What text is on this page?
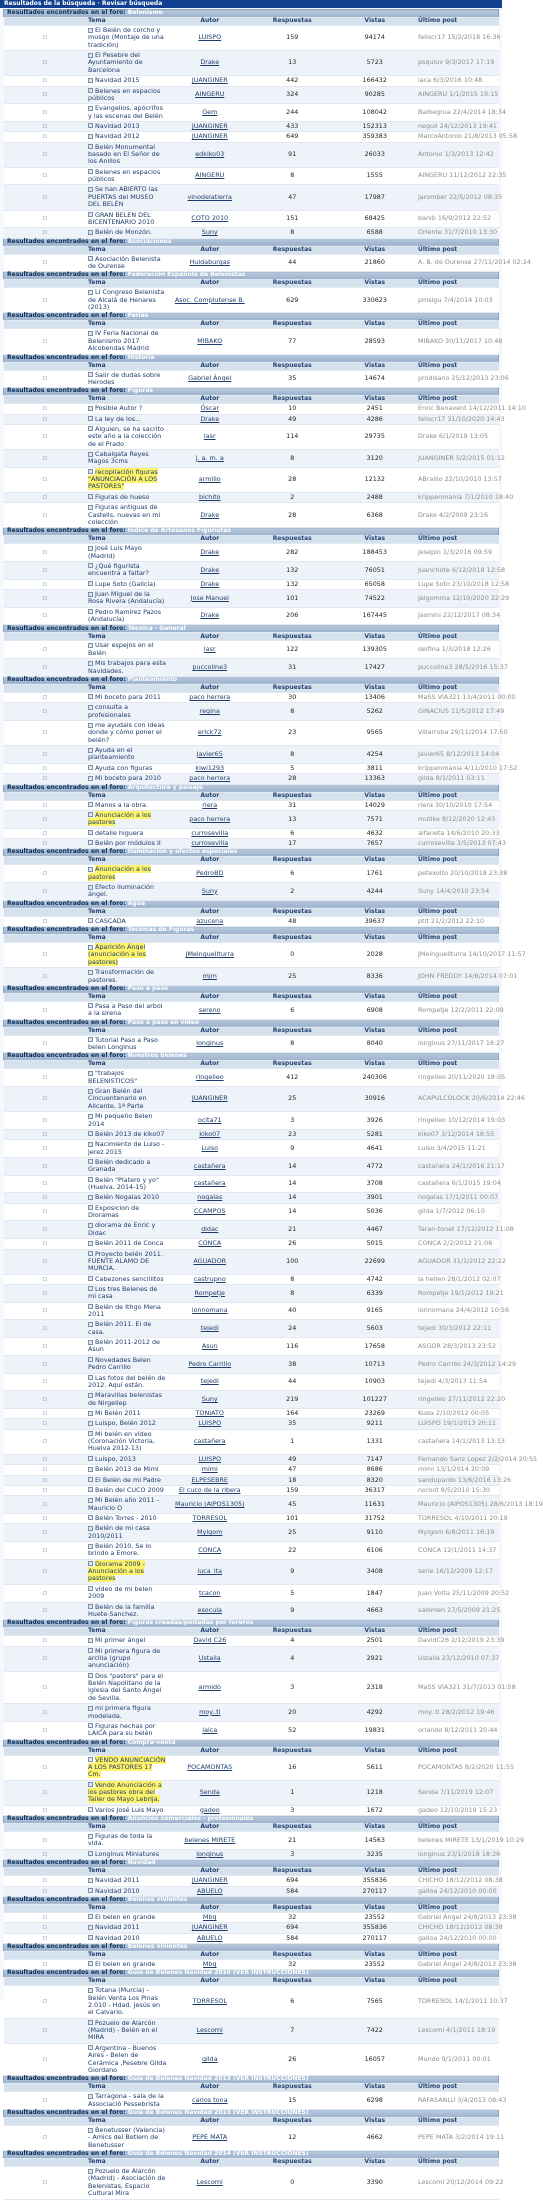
Resultados de la búsqueda · Revisar búsqueda
Resultados encontrados en el foro: Belenismo					
	Tema	Autor	Respuestas	Vistas	Último post
▫	El Belén de corcho y musgo (Montaje de una tradición)	LUISPO	159	94174	feliscr17 15/2/2018 16:36
▫	El Pesebre del Ayuntamiento de Barcelona	Drake	13	5723	psquiuv 9/3/2017 17:19
▫	Navidad 2015	JUANGINER	442	166432	laca 6/3/2016 10:48
▫	Belenes en espacios públicos	AINGERU	324	90285	AINGERU 1/1/2015 19:15
▫	Evangelios, apócrifos y las escenas del Belén	Gem	244	108042	Balbegrua 22/4/2014 18:34
▫	Navidad 2013	JUANGINER	433	152313	neguil 24/12/2013 19:41
▫	Navidad 2012	JUANGINER	649	359383	MarcoAntonio 21/8/2013 05:58
▫	Belén Monumental basado en El Señor de los Anillos	edkiko03	91	26033	Antonio 1/3/2013 12:42
▫	Belenes en espacios públicos	AINGERU	8	1555	AINGERU 11/12/2012 22:35
▫	Se han ABIERTO las PUERTAS del MUSEO DEL BELÉN	vinodelatierra	47	17987	jaromber 22/5/2012 08:35
▫	GRAN BELEN DEL BICENTENARIO 2010	COTO 2010	151	68425	banib 16/9/2012 22:52
▫	Belén de Monzón.	Suny	8	6588	Oriente 31/7/2010 13:30
Resultados encontrados en el foro: Asociaciones					
	Tema	Autor	Respuestas	Vistas	Último post
▫	Asociación Belenista de Ourense	Huidaburgas	44	21860	A. B. de Ourense 27/11/2014 02:24
Resultados encontrados en el foro: Federación Española de Belenistas					
	Tema	Autor	Respuestas	Vistas	Último post
▫	LI Congreso Belenista de Alcalá de Henares (2013)	Asoc. Complutense B.	629	330623	pmsigu 7/4/2014 10:03
Resultados encontrados en el foro: Ferias					
	Tema	Autor	Respuestas	Vistas	Último post
▫	IV Feria Nacional de Belenismo 2017 Alcobendas Madrid	MIBAKO	77	28593	MIBAKO 30/11/2017 10:48
Resultados encontrados en el foro: Historia					
	Tema	Autor	Respuestas	Vistas	Último post
▫	Salir de dudas sobre Herodes	Gabriel Ángel	35	14674	prodisano 25/12/2013 23:06
Resultados encontrados en el foro: Figuras					
	Tema	Autor	Respuestas	Vistas	Último post
▫	Posible Autor ?	Óscar	10	2451	Enric Benavent 14/12/2011 14:10
▫	La ley de los...	Drake	49	4286	feliscr17 31/10/2020 14:43
▫	Alguien, se ha sacrito este año a la colección de el Prado	lasr	114	29735	Drake 6/1/2019 13:05
▫	Cabalgata Reyes Magos 3cms	j. a. m. a	8	3120	JUANGINER 5/2/2015 01:12
▫	recopilación figuras "ANUNCIACIÓN A LOS PASTORES"	armillo	28	12132	ABraillo 22/10/2010 13:57
▫	Figuras de hueso	bichito	2	2488	krippenmania 7/1/2010 18:40
▫	Figuras antiguas de Castells, nuevas en mi colección	Drake	28	6368	Drake 4/2/2009 23:16
Resultados encontrados en el foro: Índice de Artesanos Figuristas					
	Tema	Autor	Respuestas	Vistas	Último post
▫	José Luis Mayo (Madrid)	Drake	282	188453	jesepin 1/3/2016 09:59
▫	¿Qué figurista encuentra a faltar?	Drake	132	76051	Juanchote 6/12/2018 12:58
▫	Lupe Soto (Galicia)	Drake	132	65058	Lupe Soto 23/10/2018 12:58
▫	Juan Miguel de la Rosa Rivera (Andalucía)	Jose Manuel	101	74522	Jelgomma 12/10/2020 22:29
▫	Pedro Ramírez Pazos (Andalucía)	Drake	206	167445	jasmini 22/12/2017 08:34
Resultados encontrados en el foro: Técnica - General					
	Tema	Autor	Respuestas	Vistas	Último post
▫	Usar espejos en el Belén	lasr	122	139305	delfina 1/3/2018 12:26
▫	Mis trabajos para esta Navidades.	puccoline3	31	17427	puccoline3 28/5/2016 15:37
Resultados encontrados en el foro: Planteamiento					
	Tema	Autor	Respuestas	Vistas	Último post
▫	Mi boceto para 2011	paco herrera	30	13406	MaSS VIA321 13/4/2011 00:00
▫	consulta a profesionales	regina	8	5262	GINACIUS 11/5/2012 17:49
▫	me ayudais con ideas donde y cómo poner el belén?	erick72	23	9565	Villarroba 29/11/2014 17:50
▫	Ayuda en el planteamiento	Javier65	8	4254	Javier65 8/12/2013 14:04
▫	Ayuda con figuras	kiwi1293	5	3811	krippenmania 4/11/2010 17:52
▫	Mi boceto para 2010	paco herrera	28	13363	gilda 8/1/2011 03:11
Resultados encontrados en el foro: Arquitectura y paisaje					
	Tema	Autor	Respuestas	Vistas	Último post
▫	Manos a la obra.	riera	31	14029	riera 30/10/2010 17:54
▫	Anunciación a los pastores	paco herrera	13	7571	mutike 8/12/2020 12:43
▫	detalle higuera	currosevilla	6	4632	alfaneta 14/6/2010 20:33
▫	Belén por módulos II	currosevilla	17	7657	currosevilla 3/5/2013 07:43
Resultados encontrados en el foro: Iluminación y efectos especiales					
	Tema	Autor	Respuestas	Vistas	Último post
▫	Anunciación a los pastores	PedroBD	6	1761	petexoito 20/10/2018 23:38
▫	Efecto iluminación ángel.	Suny	2	4244	Suny 14/4/2010 23:54
Resultados encontrados en el foro: Agua					
	Tema	Autor	Respuestas	Vistas	Último post
▫	CASCADA	azucena	48	39637	ptit 21/2/2012 22:10
Resultados encontrados en el foro: Técnicas de Figuras					
	Tema	Autor	Respuestas	Vistas	Último post
▫	Aparición Ángel (anunciación a los pastores)	JMeinguellturra	0	2028	JMeinguellturra 14/10/2017 11:57
▫	Transformación de pastores.	mjm	25	8336	JOHN FREDDY 14/8/2014 07:01
Resultados encontrados en el foro: Paso a paso					
	Tema	Autor	Respuestas	Vistas	Último post
▫	Pasa a Paso del arbol a la sirena	sereno	6	6908	Rompetje 12/2/2011 22:09
Resultados encontrados en el foro: Paso a paso en video					
	Tema	Autor	Respuestas	Vistas	Último post
▫	Tutorial Paso a Paso belen Longinus	longinus	8	8040	longinus 27/11/2017 16:27
Resultados encontrados en el foro: Nuestros belenes					
	Tema	Autor	Respuestas	Vistas	Último post
▫	"trabajos BELENISTICOS"	ringelleo	412	240306	ringelleo 20/11/2020 18:05
▫	Gran Belén del Cincuentenario en Alicante, 1ª Parte	JUANGINER	25	30916	ACAPULCOLOCK 20/6/2014 22:46
▫	Mi pequeño Belen 2014	ocita71	3	3926	ringelleo 10/12/2014 19:03
▫	Belén 2013 de kiko07	kiko07	23	5281	kiko07 3/12/2014 18:55
▫	Nacimiento de Luiso - Jerez 2015	Luiso	9	4641	Luiso 3/4/2015 11:21
▫	Belén dedicado a Granada	castañera	14	4772	castañera 24/1/2016 21:17
▫	Belén "Platero y yo" (Huelva, 2014-15)	castañera	14	3708	castañera 6/1/2015 19:04
▫	Belén Nogalas 2010	nogalas	14	3901	nogalas 17/1/2011 00:07
▫	Exposicion de Dioramas	CCAMPOS	14	5036	gilda 1/7/2012 06:10
▫	diorama de Enric y Didac	didac	21	4467	Taran-tonet 17/12/2012 11:08
▫	Belén 2011 de Conca	CONCA	26	5015	CONCA 2/2/2012 21:06
▫	Proyecto belén 2011. FUENTE ALAMO DE MURCIA.	AGUADOR	100	22699	AGUADOR 31/1/2012 22:22
▫	Cabezones sencillitos	castrupno	8	4742	la hellen 28/1/2012 02:07
▫	Los tres Belenes de mi casa	Rompetje	8	6339	Rompetje 19/1/2012 19:21
▫	Belén de Ithgo Mena 2011	ionnomana	40	9165	ionnomana 24/4/2012 10:56
▫	Belén 2011. El de casa.	tejedi	24	5603	tejedi 30/3/2012 22:11
▫	Belén 2011-2012 de Asun	Asun	116	17658	ASGOR 28/3/2013 23:52
▫	Novedades Belen Pedro Carrillo	Pedro Carrillo	38	10713	Pedro Carrillo 24/3/2012 14:29
▫	Las fotos del belén de 2012. Aquí están.	tejedi	44	10903	tejedi 4/3/2013 11:54
▫	Maravillas belenistas de Nirgellep	Suny	219	101227	ringelleo 27/11/2012 22:20
▫	Mi Belén 2011	TONIATO	164	23269	Kuda 2/10/2012 00:05
▫	Luispo, Belén 2012	LUISPO	35	9211	LUISPO 19/1/2013 20:11
▫	Mi belén en vídeo (Coronación Victoria, Huelva 2012-13)	castañera	1	1331	castañera 14/1/2013 13:13
▫	Luispo, 2013	LUISPO	49	7147	Fernando Sanz Lopez 2/2/2014 20:55
▫	Belén 2013 de Mimi	mimi	47	8686	mimi 13/1/2014 20:09
▫	El Belén de mi Padre	ELPESEBRE	18	8320	sandupardo 13/6/2016 13:26
▫	Belén del CUCO 2009	El cuco de la ribera	159	36317	noroot 8/5/2010 15:30
▫	Mi Belén año 2011 - Mauricio O	Mauricio (AIPOS1305)	45	11631	Mauricio (AIPOS1305) 28/6/2013 18:19
▫	Belén Torres - 2010	TORRESOL	101	31752	TORRESOL 4/10/2011 20:19
▫	Belén de mi casa 2010/2011	Mylgom	25	9110	Mylgom 6/8/2011 16:19
▫	Belén 2010. Se lo brindo a Emore.	CONCA	22	6106	CONCA 12/1/2011 14:37
▫	Diorama 2009 - Anunciación a los pastores	luca_ita	9	3408	serie 16/12/2009 12:17
▫	vídeo de mi belen 2009	tcacon	5	1847	Juan Volta 25/11/2009 20:52
▫	Belén de la familia Huete-Sanchez.	esocula	9	4663	salomen 27/5/2009 21:25
Resultados encontrados en el foro: Figuras creadas/pintadas por foreros					
	Tema	Autor	Respuestas	Vistas	Último post
▫	Mi primer ángel	David C26	4	2501	DavidC26 2/12/2019 23:39
▫	Mi primera figura de arcilla (grupo anunciación)	Ustaila	4	2921	Ustaila 23/12/2010 07:37
▫	Dos "pastors" para el Belén Napolitano de la Iglesia del Santo Ángel de Sevilla.	armido	3	2318	MaSS VIA321 31/7/2013 01:58
▫	mi primera figura modelada.	moy..ti	20	4292	moy..ti 28/2/2012 19:46
▫	Figuras hechas por LAICA para su belén	laica	52	19831	orlando 8/12/2011 20:44
Resultados encontrados en el foro: Compra-venta					
	Tema	Autor	Respuestas	Vistas	Último post
▫	VENDO ANUNCIACIÓN A LOS PASTORES 17 Cm.	POCAMONTAS	16	5611	POCAMONTAS 8/2/2020 11:55
▫	Vendo Anunciación a los pastores obra del Taller de Mayo Lebrija.	Senda	1	1218	Senda 7/11/2019 12:07
▫	Varios José Luis Mayo	gadeo	3	1672	gadeo 12/10/2019 15:23
Resultados encontrados en el foro: Anuncios comerciales - profesionales					
	Tema	Autor	Respuestas	Vistas	Último post
▫	Figuras de toda la vida.	belenes MIRETE	21	14563	belenes MIRETE 13/1/2019 10:29
▫	Longinus Miniatures	longinus	3	3235	longinus 23/1/2018 18:26
Resultados encontrados en el foro: Navidad					
	Tema	Autor	Respuestas	Vistas	Último post
▫	Navidad 2011	JUANGINER	694	355836	CHICHO 18/12/2012 08:38
▫	Navidad 2010	ABUELO	584	270117	galloa 24/12/2010 00:00
Resultados encontrados en el foro: Belenes vivientes					
	Tema	Autor	Respuestas	Vistas	Último post
▫	El belen en grande	Mbg	32	23552	Gabriel Ángel 24/8/2013 23:38
▫	Navidad 2011	JUANGINER	694	355836	CHICHO 18/12/2012 08:38
▫	Navidad 2010	ABUELO	584	270117	galloa 24/12/2010 00:00
Resultados encontrados en el foro: Belenes vivientes					
	Tema	Autor	Respuestas	Vistas	Último post
▫	El belen en grande	Mbg	32	23552	Gabriel Ángel 24/8/2013 23:38
Resultados encontrados en el foro: Guía de Belenes Navidad 2010 (VER INSTRUCCIONES)					
	Tema	Autor	Respuestas	Vistas	Último post
▫	Totana (Murcia) - Belén Venta Los Pinas 2.010 - Hdad. Jesús en el Calvario.	TORRESOL	6	7565	TORRESOL 14/1/2011 10:37
▫	Pozuelo de Alarcón (Madrid) - Belén en el MIRA	Lescoml	7	7422	Lescoml 4/1/2011 18:19
▫	Argentina - Buenos Aires - Belen de Cerámica ,Pesebre Gilda Giordano	gilda	26	16057	Mundo 9/1/2011 00:01
Resultados encontrados en el foro: Guía de Belenes Navidad 2013 (VER INSTRUCCIONES)					
	Tema	Autor	Respuestas	Vistas	Último post
▫	Tarragona - sala de la Associació Pessebrista	carlos tona	15	6298	RAFASANLU 3/4/2013 08:43
Resultados encontrados en el foro: Guía de Belenes Navidad 2013 (VER INSTRUCCIONES)					
	Tema	Autor	Respuestas	Vistas	Último post
▫	Benetusser (Valencia) - Amics del Betlem de Benetusser	PEPE MATA	12	4662	PEPE MATA 3/2/2014 19:11
Resultados encontrados en el foro: Guía de Belenes Navidad 2014 (VER INSTRUCCIONES)					
	Tema	Autor	Respuestas	Vistas	Último post
▫	Pozuelo de Alarcón (Madrid) - Asociación de Belenistas, Espacio Cultural Mira	Lescoml	0	3390	Lescoml 20/12/2014 09:22
